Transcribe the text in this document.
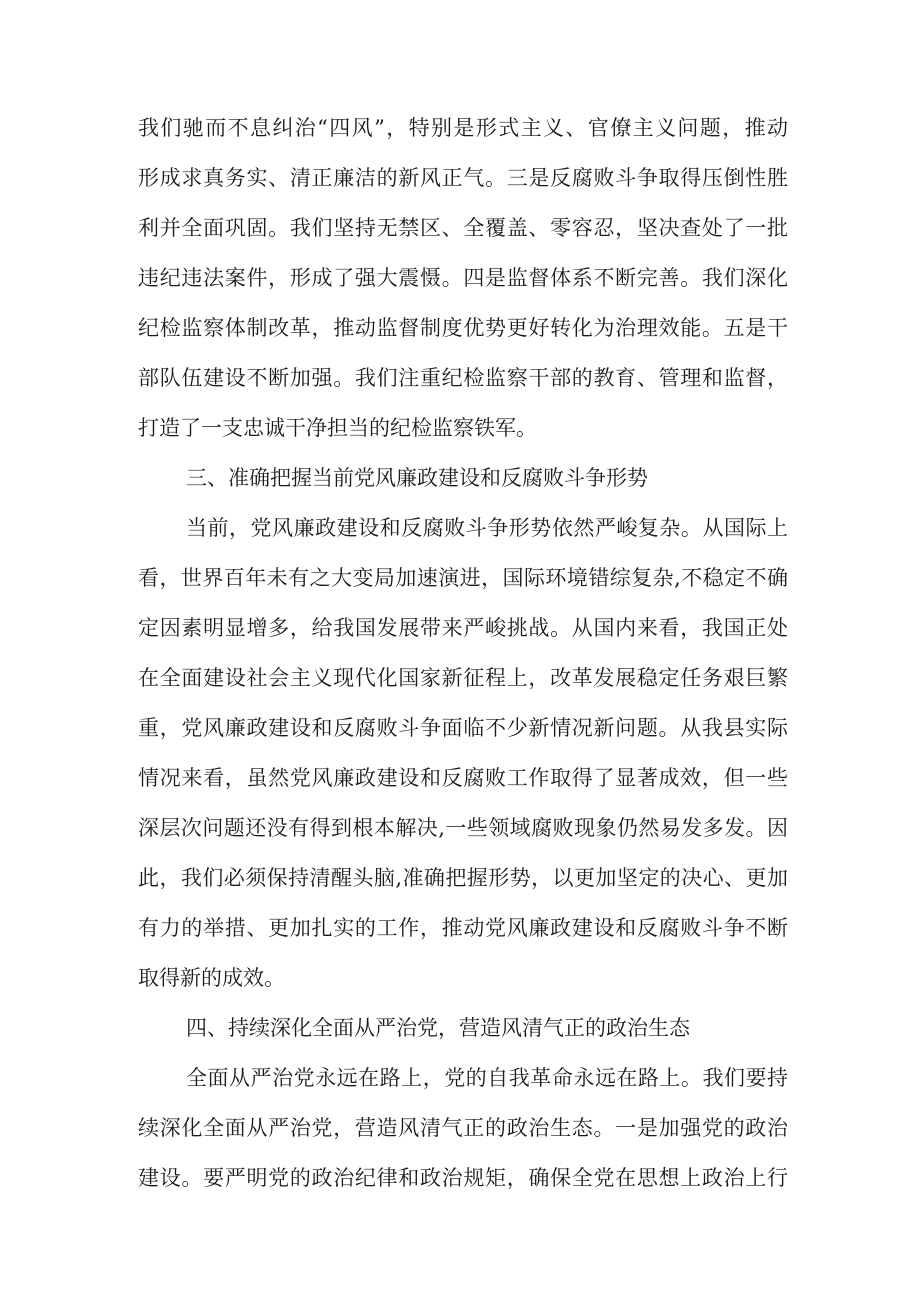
我们驰而不息纠治“四风”，特别是形式主义、官僚主义问题，推动
形成求真务实、清正廉洁的新风正气。三是反腐败斗争取得压倒性胜
利并全面巩固。我们坚持无禁区、全覆盖、零容忍，坚决查处了一批
违纪违法案件，形成了强大震慑。四是监督体系不断完善。我们深化
纪检监察体制改革，推动监督制度优势更好转化为治理效能。五是干
部队伍建设不断加强。我们注重纪检监察干部的教育、管理和监督，
打造了一支忠诚干净担当的纪检监察铁军。
三、准确把握当前党风廉政建设和反腐败斗争形势
当前，党风廉政建设和反腐败斗争形势依然严峻复杂。从国际上
看，世界百年未有之大变局加速演进，国际环境错综复杂,不稳定不确
定因素明显增多，给我国发展带来严峻挑战。从国内来看，我国正处
在全面建设社会主义现代化国家新征程上，改革发展稳定任务艰巨繁
重，党风廉政建设和反腐败斗争面临不少新情况新问题。从我县实际
情况来看，虽然党风廉政建设和反腐败工作取得了显著成效，但一些
深层次问题还没有得到根本解决,一些领域腐败现象仍然易发多发。因
此，我们必须保持清醒头脑,准确把握形势，以更加坚定的决心、更加
有力的举措、更加扎实的工作，推动党风廉政建设和反腐败斗争不断
取得新的成效。
四、持续深化全面从严治党，营造风清气正的政治生态
全面从严治党永远在路上，党的自我革命永远在路上。我们要持
续深化全面从严治党，营造风清气正的政治生态。一是加强党的政治
建设。要严明党的政治纪律和政治规矩，确保全党在思想上政治上行
